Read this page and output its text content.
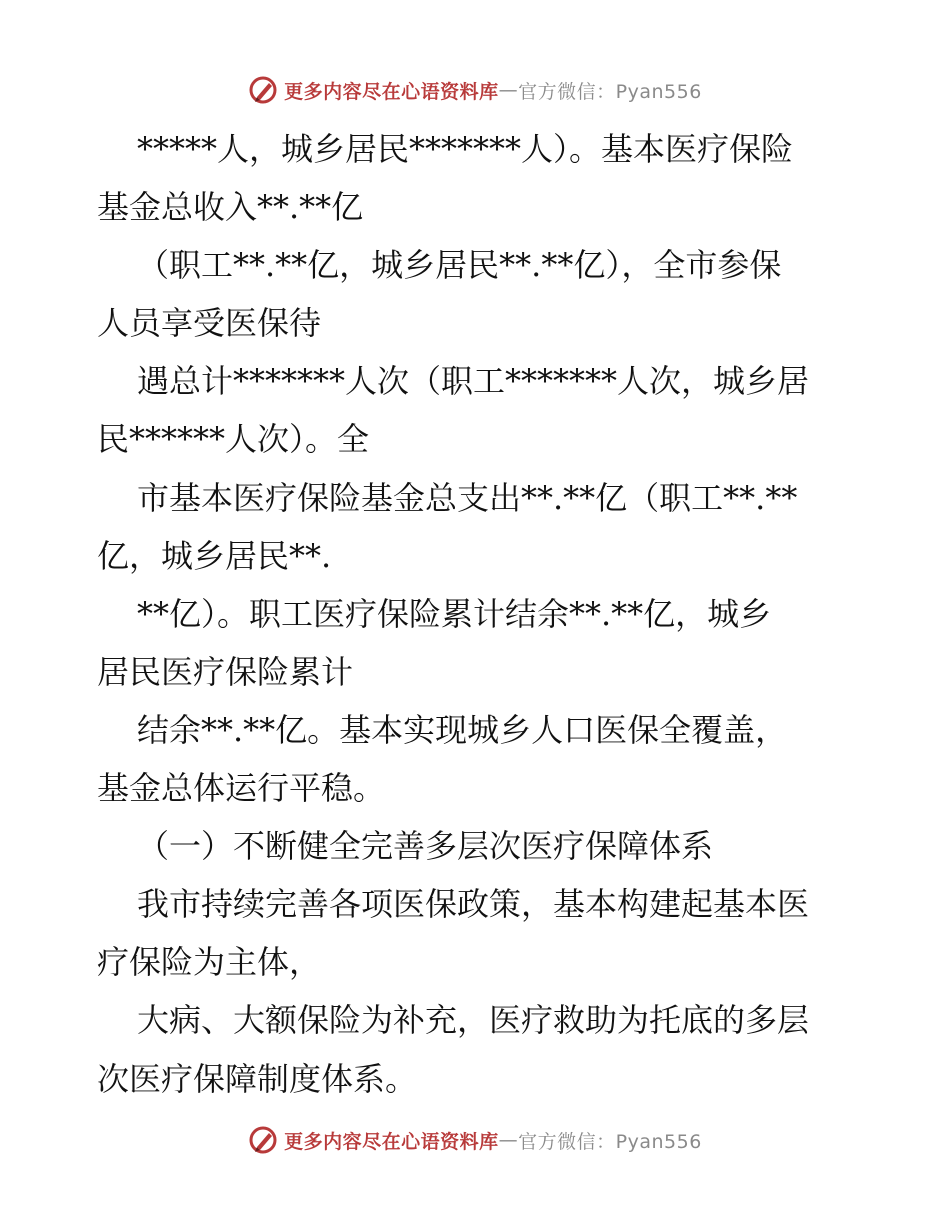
更多内容尽在心语资料库 — 官方微信：Pyan556
*****人，城乡居民*******人）。基本医疗保险
基金总收入**.**亿
（职工**.**亿，城乡居民**.**亿），全市参保
人员享受医保待
遇总计*******人次（职工*******人次，城乡居
民******人次）。全
市基本医疗保险基金总支出**.**亿（职工**.**
亿，城乡居民**.
**亿）。职工医疗保险累计结余**.**亿，城乡
居民医疗保险累计
结余**.**亿。基本实现城乡人口医保全覆盖，
基金总体运行平稳。
（一）不断健全完善多层次医疗保障体系
我市持续完善各项医保政策，基本构建起基本医
疗保险为主体，
大病、大额保险为补充，医疗救助为托底的多层
次医疗保障制度体系。
更多内容尽在心语资料库 — 官方微信：Pyan556
